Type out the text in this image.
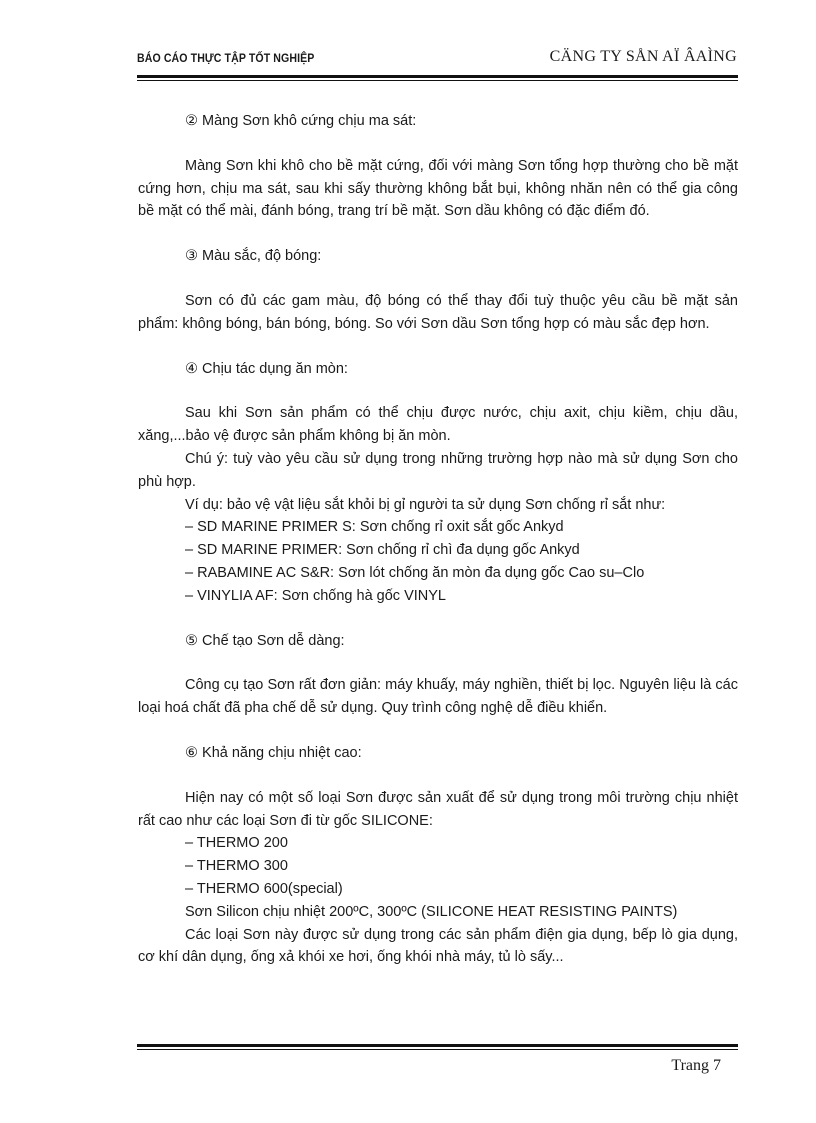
BÁO CÁO THỰC TẬP TỐT NGHIỆP	CÄNG TY SÅN AÏ ÂAÌNG

② Màng Sơn khô cứng chịu ma sát:

Màng Sơn khi khô cho bề mặt cứng, đối với màng Sơn tổng hợp thường cho bề mặt cứng hơn, chịu ma sát, sau khi sấy thường không bắt bụi, không nhăn nên có thể gia công bề mặt có thể mài, đánh bóng, trang trí bề mặt. Sơn dầu không có đặc điểm đó.

③ Màu sắc, độ bóng:

Sơn có đủ các gam màu, độ bóng có thể thay đổi tuỳ thuộc yêu cầu bề mặt sản phẩm: không bóng, bán bóng, bóng. So với Sơn dầu Sơn tổng hợp có màu sắc đẹp hơn.

④ Chịu tác dụng ăn mòn:

Sau khi Sơn sản phẩm có thể chịu được nước, chịu axit, chịu kiềm, chịu dầu, xăng,...bảo vệ được sản phẩm không bị ăn mòn.

Chú ý: tuỳ vào yêu cầu sử dụng trong những trường hợp nào mà sử dụng Sơn cho phù hợp.

Ví dụ: bảo vệ vật liệu sắt khỏi bị gỉ người ta sử dụng Sơn chống rỉ sắt như:

– SD MARINE PRIMER S: Sơn chống rỉ oxit sắt gốc Ankyd

– SD MARINE PRIMER: Sơn chống rỉ chì đa dụng gốc Ankyd

– RABAMINE AC S&R: Sơn lót chống ăn mòn đa dụng gốc Cao su–Clo

– VINYLIA AF: Sơn chống hà gốc VINYL

⑤ Chế tạo Sơn dễ dàng:

Công cụ tạo Sơn rất đơn giản: máy khuấy, máy nghiền, thiết bị lọc. Nguyên liệu là các loại hoá chất đã pha chế dễ sử dụng. Quy trình công nghệ dễ điều khiển.

⑥ Khả năng chịu nhiệt cao:

Hiện nay có một số loại Sơn được sản xuất để sử dụng trong môi trường chịu nhiệt rất cao như các loại Sơn đi từ gốc SILICONE:

– THERMO 200

– THERMO 300

– THERMO 600(special)

Sơn Silicon chịu nhiệt 200ºC, 300ºC (SILICONE HEAT RESISTING PAINTS)

Các loại Sơn này được sử dụng trong các sản phẩm điện gia dụng, bếp lò gia dụng, cơ khí dân dụng, ống xả khói xe hơi, ống khói nhà máy, tủ lò sấy...

Trang 7
